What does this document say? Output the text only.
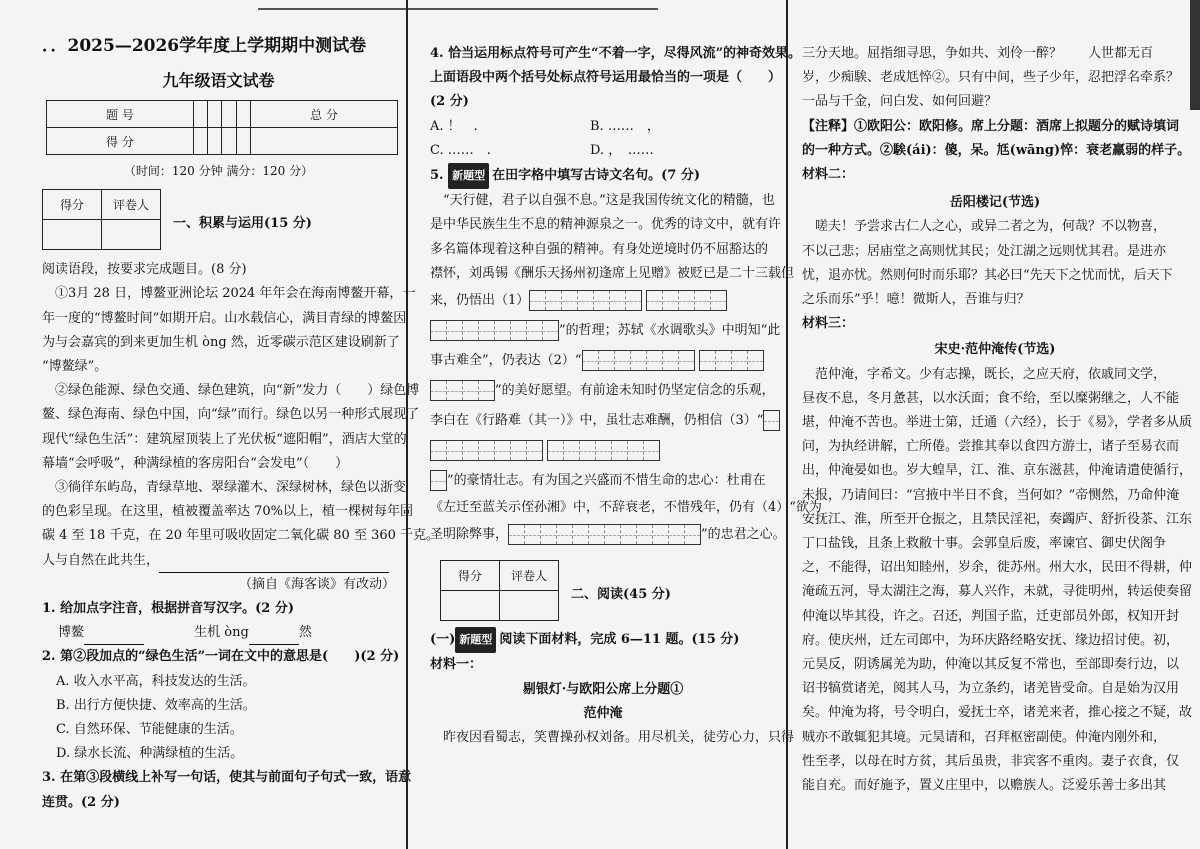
．．2025—2026学年度上学期期中测试卷
九年级语文试卷
题 号					总 分
得 分					
（时间：120 分钟 满分：120 分）
得分	评卷人

一、积累与运用(15 分)
阅读语段，按要求完成题目。(8 分)
　①3月 28 日，博鳌亚洲论坛 2024 年年会在海南博鳌开幕，一
年一度的“博鳌时间”如期开启。山水载信心，满目青绿的博鳌因
为与会嘉宾的到来更加生机 òng 然，近零碳示范区建设刷新了
“博鳌绿”。
　②绿色能源、绿色交通、绿色建筑，向“新”发力（　　）绿色博
鳌、绿色海南、绿色中国，向“绿”而行。绿色以另一种形式展现了
现代“绿色生活”：建筑屋顶装上了光伏板“遮阳帽”，酒店大堂的
幕墙“会呼吸”，种满绿植的客房阳台“会发电”（　　）
　③徜徉东屿岛，青绿草地、翠绿灌木、深绿树林，绿色以浙变
的色彩呈现。在这里，植被覆盖率达 70%以上，植一棵树每年固
碳 4 至 18 千克，在 20 年里可吸收固定二氧化碳 80 至 360 千克。
人与自然在此共生，
（摘自《海客谈》有改动）
1. 给加点字注音，根据拼音写汉字。(2 分)
博鳌	生机 òng	然
2. 第②段加点的“绿色生活”一词在文中的意思是(　　)(2 分)
A. 收入水平高，科技发达的生活。
B. 出行方便快捷、效率高的生活。
C. 自然环保、节能健康的生活。
D. 绿水长流、种满绿植的生活。
3. 在第③段横线上补写一句话，使其与前面句子句式一致，语意
连贯。(2 分)
4. 恰当运用标点符号可产生“不着一字，尽得风流”的神奇效果。
上面语段中两个括号处标点符号运用最恰当的一项是（　　）
(2 分)
A. ！　.	B. ……　，
C. ……　.	D. ，　……
5. 新题型 在田字格中填写古诗文名句。(7 分)
　“天行健，君子以自强不息。”这是我国传统文化的精髓，也
是中华民族生生不息的精神源泉之一。优秀的诗文中，就有许
多名篇体现着这种自强的精神。有身处逆境时仍不屈豁达的
襟怀，刘禹锡《酬乐天扬州初逢席上见赠》被贬已是二十三载但
来，仍悟出（1）

”的哲理；苏轼《水调歌头》中明知“此
事古难全”，仍表达（2）“

”的美好愿望。有前途未知时仍坚定信念的乐观，
李白在《行路难（其一）》中，虽壮志难酬，仍相信（3）“

”的豪情壮志。有为国之兴盛而不惜生命的忠心：杜甫在
《左迁至蓝关示侄孙湘》中，不辞衰老，不惜残年，仍有（4）“欲为
圣明除弊事，	”的忠君之心。
得分	评卷人

二、阅读(45 分)
(一) 新题型 阅读下面材料，完成 6—11 题。(15 分)
材料一：
剔银灯·与欧阳公席上分题①
范仲淹
　昨夜因看蜀志，笑曹操孙权刘备。用尽机关，徒劳心力，只得
三分天地。屈指细寻思，争如共、刘伶一醉？　　人世都无百
岁，少痴騃、老成尪悴②。只有中间，些子少年，忍把浮名牵系？
一品与千金，问白发、如何回避？
【注释】①欧阳公：欧阳修。席上分题：酒席上拟题分的赋诗填词
的一种方式。②騃(ái)：傻，呆。尪(wāng)悴：衰老羸弱的样子。
材料二：
岳阳楼记(节选)
　嗟夫！予尝求古仁人之心，或异二者之为，何哉？不以物喜，
不以己悲；居庙堂之高则忧其民；处江湖之远则忧其君。是进亦
忧，退亦忧。然则何时而乐耶？其必曰“先天下之忧而忧，后天下
之乐而乐”乎！噫！微斯人，吾谁与归？
材料三：
宋史·范仲淹传(节选)
　范仲淹，字希文。少有志操，既长，之应天府，依戚同文学，
昼夜不息，冬月惫甚，以水沃面；食不给，至以糜粥继之，人不能
堪，仲淹不苦也。举进士第，迁通（六经），长于《易》，学者多从质
问，为执经讲解，亡所倦。尝推其奉以食四方游士，诸子至易衣而
出，仲淹晏如也。岁大蝗旱，江、淮、京东滋甚，仲淹请遣使循行，
未报，乃请间曰：“宫掖中半日不食，当何如？”帝恻然，乃命仲淹
安抚江、淮，所至开仓振之，且禁民淫祀，奏蠲庐、舒折役茶、江东
丁口盐钱，且条上救敝十事。会郭皇后废，率谏官、御史伏阁争
之，不能得，诏出知睦州，岁余，徙苏州。州大水，民田不得耕，仲
淹疏五河，导太湖注之海，募人兴作，未就，寻徙明州，转运使奏留
仲淹以毕其役，许之。召还，判国子监，迁吏部员外郎，权知开封
府。使庆州，迁左司郎中，为环庆路经略安抚、缘边招讨使。初，
元昊反，阴诱属羌为助，仲淹以其反复不常也，至部即奏行边，以
诏书犒赏诸羌，阅其人马，为立条约，诸羌皆受命。自是始为汉用
矣。仲淹为将，号令明白，爱抚士卒，诸羌来者，推心接之不疑，故
贼亦不敢辄犯其境。元昊请和，召拜枢密副使。仲淹内刚外和，
性至孝，以母在时方贫，其后虽贵，非宾客不重肉。妻子衣食，仅
能自充。而好施予，置义庄里中，以赡族人。泛爱乐善士多出其
